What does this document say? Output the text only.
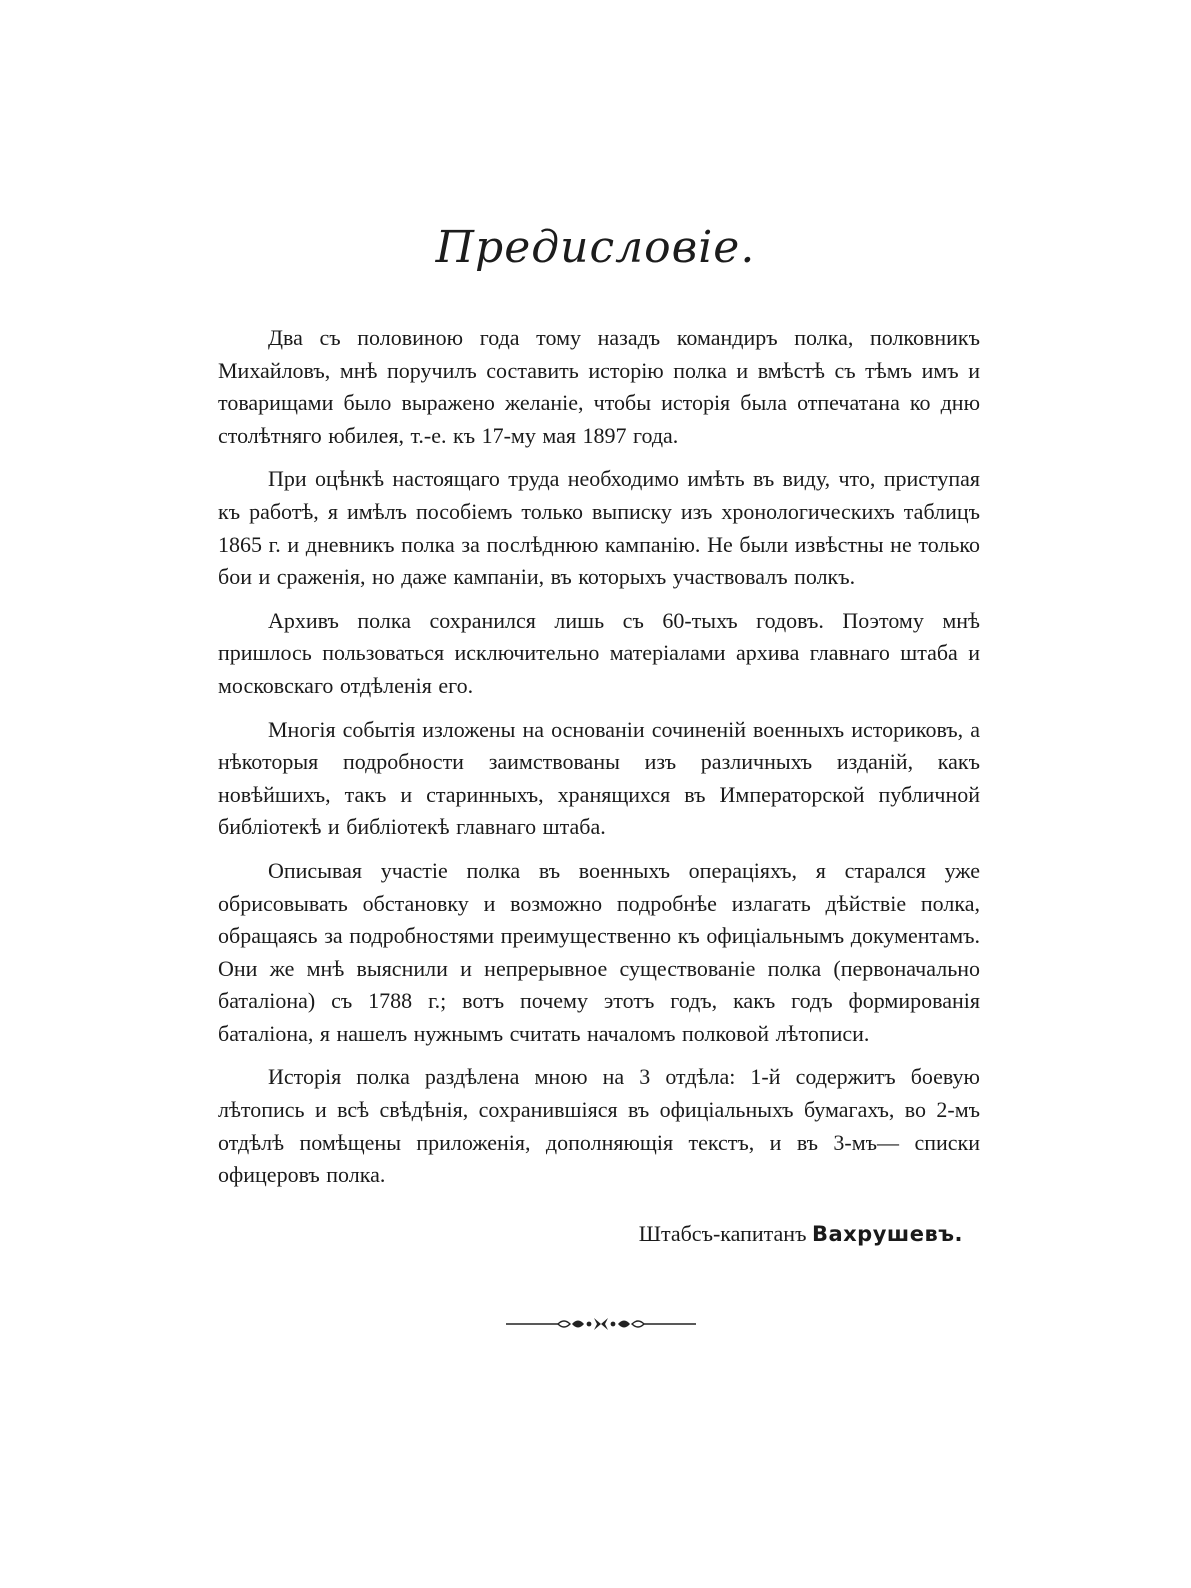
Предисловіе.

Два съ половиною года тому назадъ командиръ полка, полковникъ Михайловъ, мнѣ поручилъ составить исторію полка и вмѣстѣ съ тѣмъ имъ и товарищами было выражено желаніе, чтобы исторія была отпечатана ко дню столѣтняго юбилея, т.-е. къ 17-му мая 1897 года.

При оцѣнкѣ настоящаго труда необходимо имѣть въ виду, что, приступая къ работѣ, я имѣлъ пособіемъ только выписку изъ хронологическихъ таблицъ 1865 г. и дневникъ полка за послѣднюю кампанію. Не были извѣстны не только бои и сраженія, но даже кампаніи, въ которыхъ участвовалъ полкъ.

Архивъ полка сохранился лишь съ 60-тыхъ годовъ. Поэтому мнѣ пришлось пользоваться исключительно матеріалами архива главнаго штаба и московскаго отдѣленія его.

Многія событія изложены на основаніи сочиненій военныхъ историковъ, а нѣкоторыя подробности заимствованы изъ различныхъ изданій, какъ новѣйшихъ, такъ и старинныхъ, хранящихся въ Императорской публичной библіотекѣ и библіотекѣ главнаго штаба.

Описывая участіе полка въ военныхъ операціяхъ, я старался уже обрисовывать обстановку и возможно подробнѣе излагать дѣйствіе полка, обращаясь за подробностями преимущественно къ офиціальнымъ документамъ. Они же мнѣ выяснили и непрерывное существованіе полка (первоначально баталіона) съ 1788 г.; вотъ почему этотъ годъ, какъ годъ формированія баталіона, я нашелъ нужнымъ считать началомъ полковой лѣтописи.

Исторія полка раздѣлена мною на 3 отдѣла: 1-й содержитъ боевую лѣтопись и всѣ свѣдѣнія, сохранившіяся въ офиціальныхъ бумагахъ, во 2-мъ отдѣлѣ помѣщены приложенія, дополняющія текстъ, и въ 3-мъ— списки офицеровъ полка.

Штабсъ-капитанъ Вахрушевъ.
